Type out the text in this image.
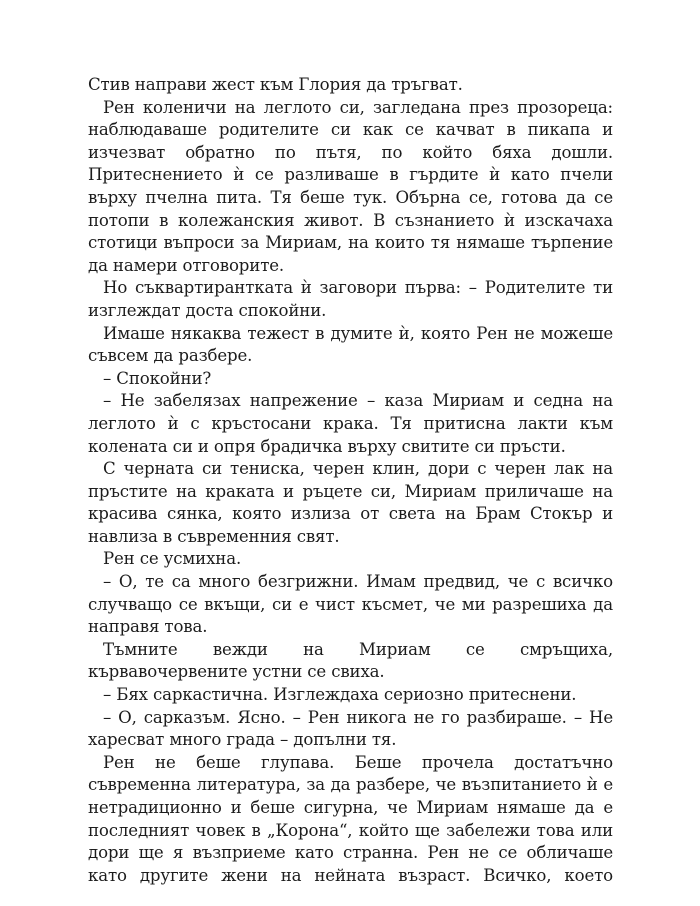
Стив направи жест към Глория да тръгват.

Рен коленичи на леглото си, загледана през прозореца: наблюдаваше родителите си как се качват в пикапа и изчезват обратно по пътя, по който бяха дошли. Притеснението ѝ се разливаше в гърдите ѝ като пчели върху пчелна пита. Тя беше тук. Обърна се, готова да се потопи в колежанския живот. В съзнанието ѝ изскачаха стотици въпроси за Мириам, на които тя нямаше търпение да намери отговорите.

Но съквартирантката ѝ заговори първа: – Родителите ти изглеждат доста спокойни.

Имаше някаква тежест в думите ѝ, която Рен не можеше съвсем да разбере.

– Спокойни?

– Не забелязах напрежение – каза Мириам и седна на леглото ѝ с кръстосани крака. Тя притисна лакти към колената си и опря брадичка върху свитите си пръсти.

С черната си тениска, черен клин, дори с черен лак на пръстите на краката и ръцете си, Мириам приличаше на красива сянка, която излиза от света на Брам Стокър и навлиза в съвременния свят.

Рен се усмихна.

– О, те са много безгрижни. Имам предвид, че с всичко случващо се вкъщи, си е чист късмет, че ми разрешиха да направя това.

Тъмните вежди на Мириам се смръщиха, кървавочервените устни се свиха.

– Бях саркастична. Изглеждаха сериозно притеснени.

– О, сарказъм. Ясно. – Рен никога не го разбираше. – Не харесват много града – допълни тя.

Рен не беше глупава. Беше прочела достатъчно съвременна литература, за да разбере, че възпитанието ѝ е нетрадиционно и беше сигурна, че Мириам нямаше да е последният човек в „Корона“, който ще забележи това или дори ще я възприеме като странна. Рен не се обличаше като другите жени на нейната възраст. Всичко, което
